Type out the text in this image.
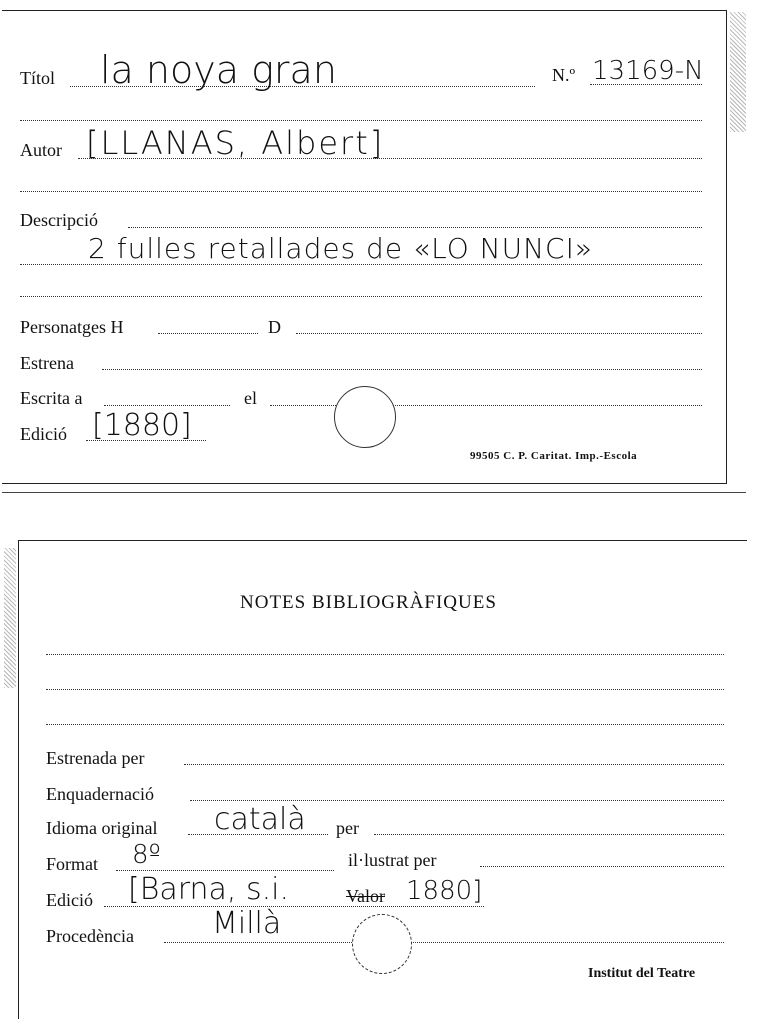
Títol la noya gran	N.º 13169-N
Autor [LLANAS, Albert]
Descripció
2 fulles retallades de «LO NUNCI»
Personatges H	D
Estrena
Escrita a	el
Edició [1880]
99505 C. P. Caritat. Imp.-Escola
NOTES BIBLIOGRÀFIQUES
Estrenada per
Enquadernació
Idioma original català per
Format 8º	il·lustrat per
Edició [Barna, s.i.	Valor 1880]
Procedència	Millà
Institut del Teatre
